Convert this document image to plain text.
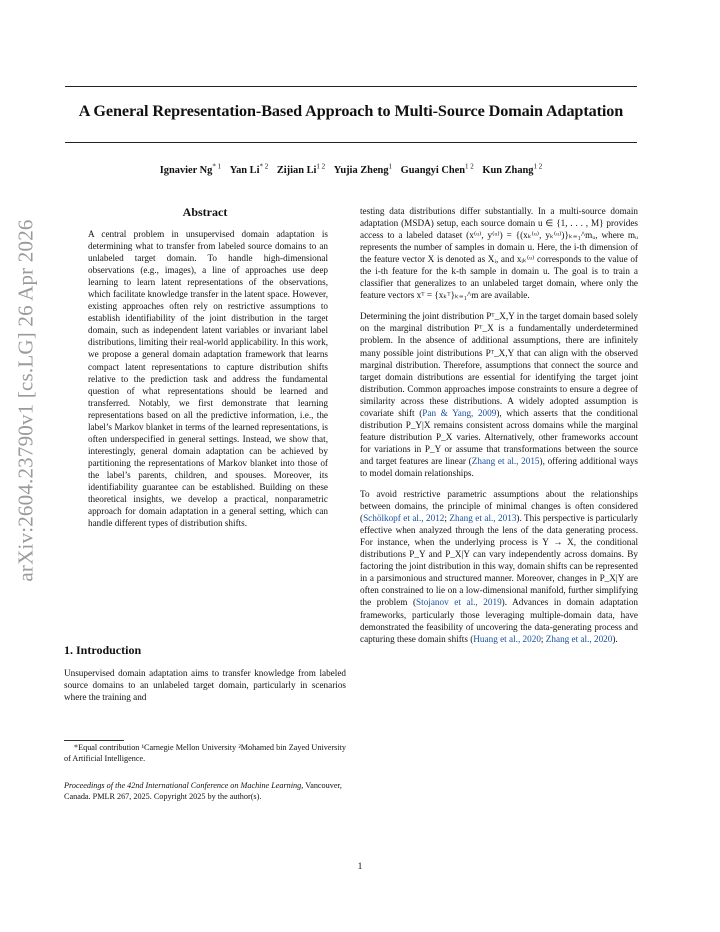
arXiv:2604.23790v1 [cs.LG] 26 Apr 2026
A General Representation-Based Approach to Multi-Source Domain Adaptation
Ignavier Ng$^{* 1}$ Yan Li$^{* 2}$ Zijian $Li^{1 2}$ Yujia Zheng$^1$ Guangyi Chen$^{1 2}$ Kun Zhang$^{1 2}$
Abstract
A central problem in unsupervised domain adaptation is determining what to transfer from labeled source domains to an unlabeled target domain. To handle high-dimensional observations (e.g., images), a line of approaches use deep learning to learn latent representations of the observations, which facilitate knowledge transfer in the latent space. However, existing approaches often rely on restrictive assumptions to establish identifiability of the joint distribution in the target domain, such as independent latent variables or invariant label distributions, limiting their real-world applicability. In this work, we propose a general domain adaptation framework that learns compact latent representations to capture distribution shifts relative to the prediction task and address the fundamental question of what representations should be learned and transferred. Notably, we first demonstrate that learning representations based on all the predictive information, i.e., the label’s Markov blanket in terms of the learned representations, is often underspecified in general settings. Instead, we show that, interestingly, general domain adaptation can be achieved by partitioning the representations of Markov blanket into those of the label’s parents, children, and spouses. Moreover, its identifiability guarantee can be established. Building on these theoretical insights, we develop a practical, nonparametric approach for domain adaptation in a general setting, which can handle different types of distribution shifts.
1. Introduction
Unsupervised domain adaptation aims to transfer knowledge from labeled source domains to an unlabeled target domain, particularly in scenarios where the training and
*Equal contribution ¹Carnegie Mellon University ²Mohamed bin Zayed University of Artificial Intelligence.
Proceedings of the 42nd International Conference on Machine Learning, Vancouver, Canada. PMLR 267, 2025. Copyright 2025 by the author(s).

testing data distributions differ substantially. In a multi-source domain adaptation (MSDA) setup, each source domain u ∈ {1, . . . , M} provides access to a labeled dataset (x⁽ᵘ⁾, y⁽ᵘ⁾) = {(xₖ⁽ᵘ⁾, yₖ⁽ᵘ⁾)}ₖ₌₁^mᵤ, where mᵤ represents the number of samples in domain u. Here, the i-th dimension of the feature vector X is denoted as Xᵢ, and xᵢₖ⁽ᵘ⁾ corresponds to the value of the i-th feature for the k-th sample in domain u. The goal is to train a classifier that generalizes to an unlabeled target domain, where only the feature vectors xᵀ = {xₖᵀ}ₖ₌₁^m are available.

Determining the joint distribution Pᵀ_X,Y in the target domain based solely on the marginal distribution Pᵀ_X is a fundamentally underdetermined problem. In the absence of additional assumptions, there are infinitely many possible joint distributions Pᵀ_X,Y that can align with the observed marginal distribution. Therefore, assumptions that connect the source and target domain distributions are essential for identifying the target joint distribution. Common approaches impose constraints to ensure a degree of similarity across these distributions. A widely adopted assumption is covariate shift (Pan & Yang, 2009), which asserts that the conditional distribution P_Y|X remains consistent across domains while the marginal feature distribution P_X varies. Alternatively, other frameworks account for variations in P_Y or assume that transformations between the source and target features are linear (Zhang et al., 2015), offering additional ways to model domain relationships.

To avoid restrictive parametric assumptions about the relationships between domains, the principle of minimal changes is often considered (Schölkopf et al., 2012; Zhang et al., 2013). This perspective is particularly effective when analyzed through the lens of the data generating process. For instance, when the underlying process is Y → X, the conditional distributions P_Y and P_X|Y can vary independently across domains. By factoring the joint distribution in this way, domain shifts can be represented in a parsimonious and structured manner. Moreover, changes in P_X|Y are often constrained to lie on a low-dimensional manifold, further simplifying the problem (Stojanov et al., 2019). Advances in domain adaptation frameworks, particularly those leveraging multiple-domain data, have demonstrated the feasibility of uncovering the data-generating process and capturing these domain shifts (Huang et al., 2020; Zhang et al., 2020).

1
